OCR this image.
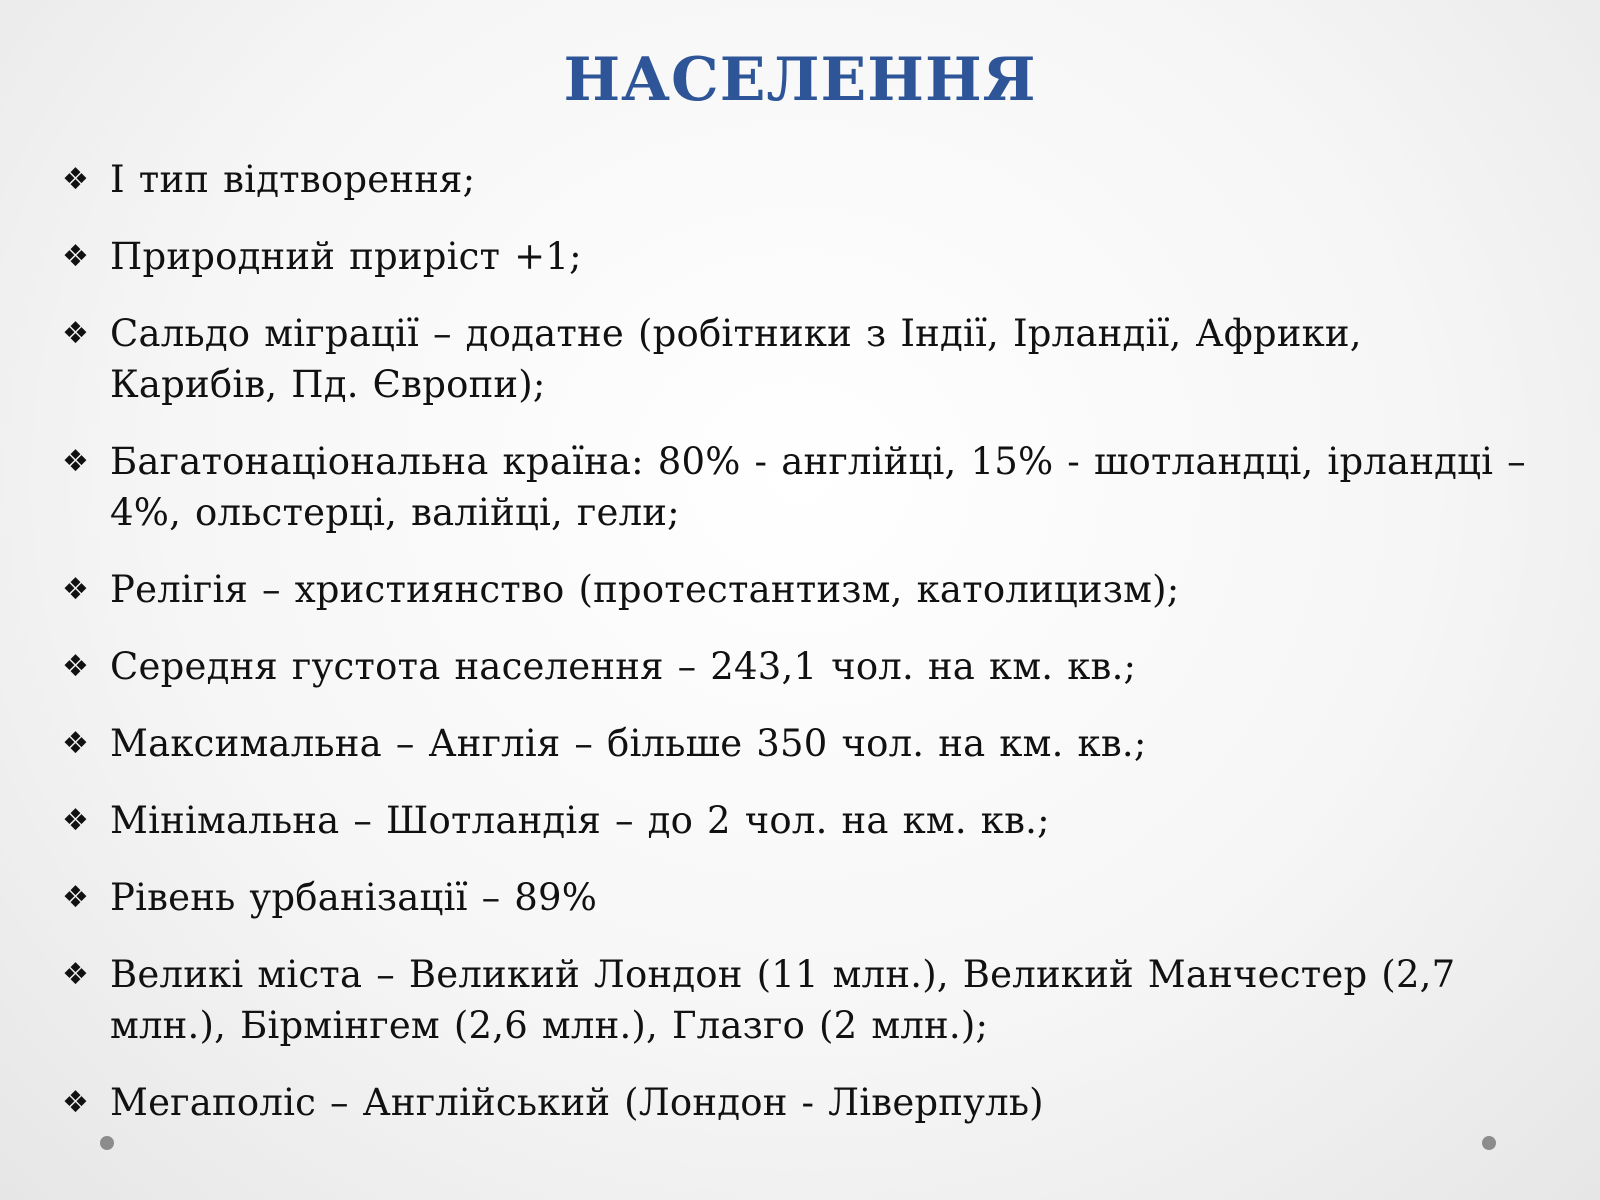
НАСЕЛЕННЯ
❖ І тип відтворення;
❖ Природний приріст +1;
❖ Сальдо міграції – додатне (робітники з Індії, Ірландії, Африки, Карибів, Пд. Європи);
❖ Багатонаціональна країна: 80% - англійці, 15% - шотландці, ірландці – 4%, ольстерці, валійці, гели;
❖ Релігія – християнство (протестантизм, католицизм);
❖ Середня густота населення – 243,1 чол. на км. кв.;
❖ Максимальна – Англія – більше 350 чол. на км. кв.;
❖ Мінімальна – Шотландія – до 2 чол. на км. кв.;
❖ Рівень урбанізації – 89%
❖ Великі міста – Великий Лондон (11 млн.), Великий Манчестер (2,7 млн.), Бірмінгем (2,6 млн.), Глазго (2 млн.);
❖ Мегаполіс – Англійський (Лондон - Ліверпуль)
